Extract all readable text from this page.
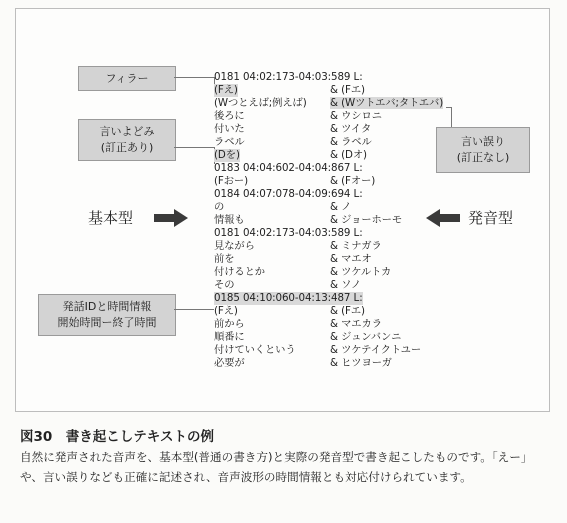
フィラー
言いよどみ
(訂正あり)
発話IDと時間情報
開始時間ー終了時間
言い誤り
(訂正なし)
基本型	発音型
0181 04:02:173-04:03:589 L:
(Fえ)	& (Fエ)
(Wつとえば;例えば) & (Wツトエバ;タトエバ)
後ろに	& ウシロニ
付いた	& ツイタ
ラベル	& ラベル
(Dを)	& (Dオ)
0183 04:04:602-04:04:867 L:
(Fおー)	& (Fオー)
0184 04:07:078-04:09:694 L:
の	& ノ
情報も	& ジョーホーモ
0181 04:02:173-04:03:589 L:
見ながら	& ミナガラ
前を	& マエオ
付けるとか	& ツケルトカ
その	& ソノ
0185 04:10:060-04:13:487 L:
(Fえ)	& (Fエ)
前から	& マエカラ
順番に	& ジュンバンニ
付けていくという	& ツケテイクトユー
必要が	& ヒツヨーガ
図30　書き起こしテキストの例
自然に発声された音声を、基本型(普通の書き方)と実際の発音型で書き起こしたものです。「えー」や、言い誤りなども正確に記述され、音声波形の時間情報とも対応付けられています。
